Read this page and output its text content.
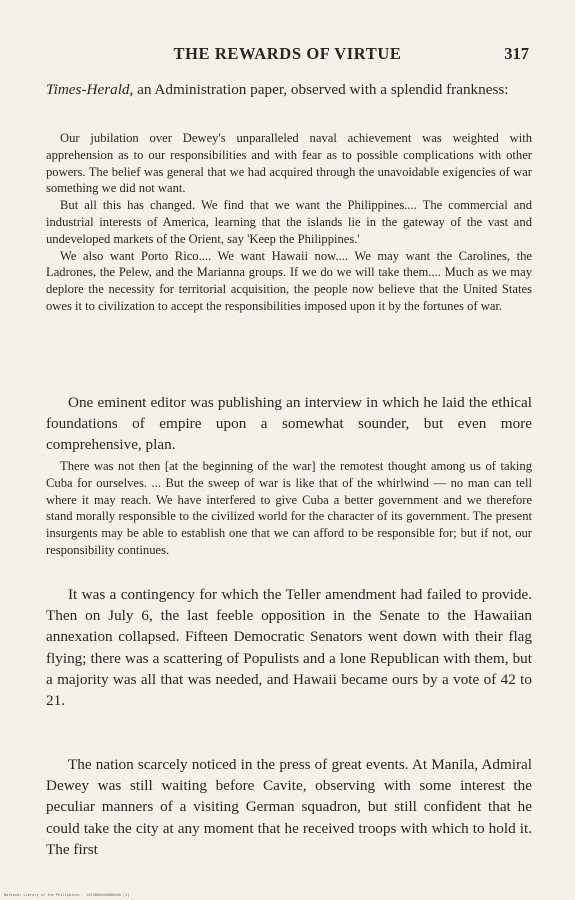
THE REWARDS OF VIRTUE	317

Times-Herald, an Administration paper, observed with a splendid frankness:

Our jubilation over Dewey's unparalleled naval achievement was weighted with apprehension as to our responsibilities and with fear as to possible complications with other powers. The belief was general that we had acquired through the unavoidable exigencies of war something we did not want.

But all this has changed. We find that we want the Philippines.... The commercial and industrial interests of America, learning that the islands lie in the gateway of the vast and undeveloped markets of the Orient, say 'Keep the Philippines.'

We also want Porto Rico.... We want Hawaii now.... We may want the Carolines, the Ladrones, the Pelew, and the Marianna groups. If we do we will take them.... Much as we may deplore the necessity for territorial acquisition, the people now believe that the United States owes it to civilization to accept the responsibilities imposed upon it by the fortunes of war.

One eminent editor was publishing an interview in which he laid the ethical foundations of empire upon a somewhat sounder, but even more comprehensive, plan.

There was not then [at the beginning of the war] the remotest thought among us of taking Cuba for ourselves. ... But the sweep of war is like that of the whirlwind — no man can tell where it may reach. We have interfered to give Cuba a better government and we therefore stand morally responsible to the civilized world for the character of its government. The present insurgents may be able to establish one that we can afford to be responsible for; but if not, our responsibility continues.

It was a contingency for which the Teller amendment had failed to provide. Then on July 6, the last feeble opposition in the Senate to the Hawaiian annexation collapsed. Fifteen Democratic Senators went down with their flag flying; there was a scattering of Populists and a lone Republican with them, but a majority was all that was needed, and Hawaii became ours by a vote of 42 to 21.

The nation scarcely noticed in the press of great events. At Manila, Admiral Dewey was still waiting before Cavite, observing with some interest the peculiar manners of a visiting German squadron, but still confident that he could take the city at any moment that he received troops with which to hold it. The first

National Library of the Philippines · 2015000000000000 [1]
